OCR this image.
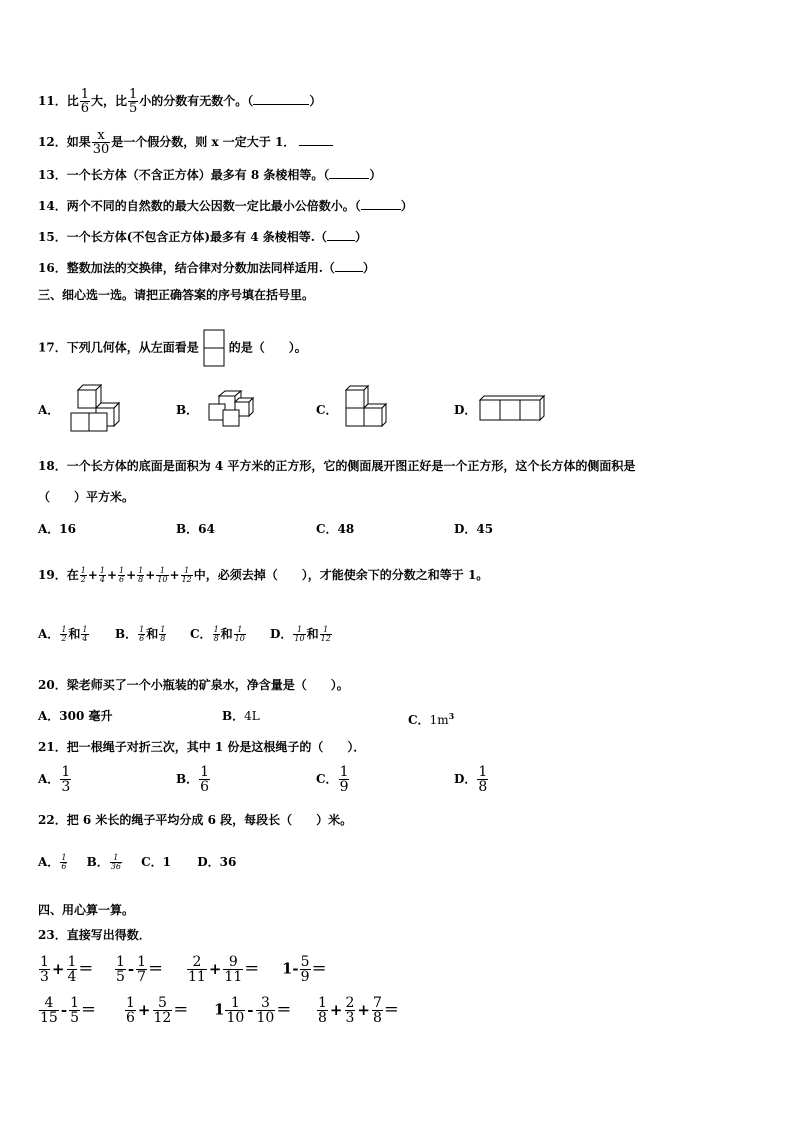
11．比 $\frac{1}{6}$ 大，比 $\frac{1}{5}$ 小的分数有无数个。（	）
12．如果 $\frac{x}{30}$ 是一个假分数，则 x 一定大于 1．
13．一个长方体（不含正方体）最多有 8 条棱相等。（	）
14．两个不同的自然数的最大公因数一定比最小公倍数小。（	）
15．一个长方体(不包含正方体)最多有 4 条棱相等.（ ）
16．整数加法的交换律，结合律对分数加法同样适用.（ ）
三、细心选一选。请把正确答案的序号填在括号里。
17．下列几何体，从左面看是	的是（　　）。
A．	B．	C．	D．
18．一个长方体的底面是面积为 4 平方米的正方形，它的侧面展开图正好是一个正方形，这个长方体的侧面积是
（　　）平方米。
A．16	B．64	C．48	D．45
19．在 $\frac{1}{2} + \frac{1}{4} + \frac{1}{6} + \frac{1}{8} + \frac{1}{10} + \frac{1}{12}$ 中，必须去掉（　　），才能使余下的分数之和等于 1。
A． $\frac{1}{2}$ 和 $\frac{1}{4}$ B． $\frac{1}{6}$ 和 $\frac{1}{8}$ C． $\frac{1}{8}$ 和 $\frac{1}{10}$ D． $\frac{1}{10}$ 和 $\frac{1}{12}$
20．梁老师买了一个小瓶装的矿泉水，净含量是（　　）。
A．300 毫升	B．4L	C．$1m^3$
21．把一根绳子对折三次，其中 1 份是这根绳子的（　　）．
A． $\frac{1}{3}$	B． $\frac{1}{6}$	C． $\frac{1}{9}$	D． $\frac{1}{8}$
22．把 6 米长的绳子平均分成 6 段，每段长（　　）米。
A． $\frac{1}{6}$ B． $\frac{1}{36}$ C．1 D．36
四、用心算一算。
23．直接写出得数．
$\frac{1}{3} + \frac{1}{4} = \frac{1}{5} - \frac{1}{7} = \frac{2}{11} + \frac{9}{11} = 1- \frac{5}{9}$ ＝
$\frac{4}{15} - \frac{1}{5} = \frac{1}{6} + \frac{5}{12} = 1 \frac{1}{10} - \frac{3}{10} = \frac{1}{8} + \frac{2}{3} + \frac{7}{8}$ ＝
